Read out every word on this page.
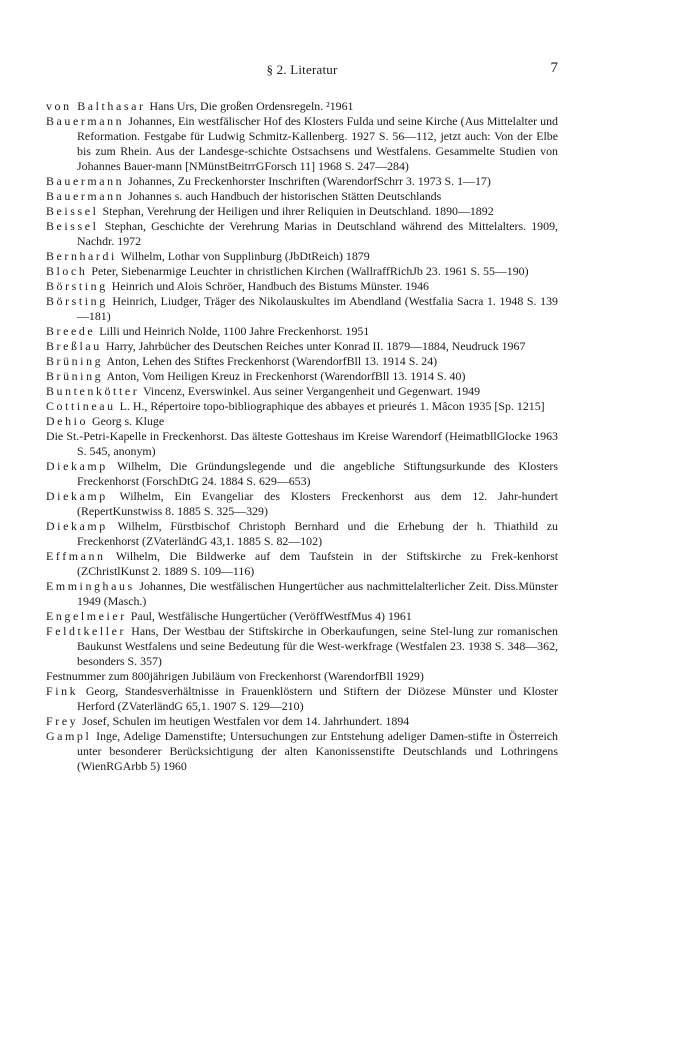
§ 2. Literatur	7

von Balthasar Hans Urs, Die großen Ordensregeln. ²1961

Bauermann Johannes, Ein westfälischer Hof des Klosters Fulda und seine Kirche (Aus Mittelalter und Reformation. Festgabe für Ludwig Schmitz-Kallenberg. 1927 S. 56—112, jetzt auch: Von der Elbe bis zum Rhein. Aus der Landesge-schichte Ostsachsens und Westfalens. Gesammelte Studien von Johannes Bauer-mann [NMünstBeitrrGForsch 11] 1968 S. 247—284)

Bauermann Johannes, Zu Freckenhorster Inschriften (WarendorfSchrr 3. 1973 S. 1—17)

Bauermann Johannes s. auch Handbuch der historischen Stätten Deutschlands

Beissel Stephan, Verehrung der Heiligen und ihrer Reliquien in Deutschland. 1890—1892

Beissel Stephan, Geschichte der Verehrung Marias in Deutschland während des Mittelalters. 1909, Nachdr. 1972

Bernhardi Wilhelm, Lothar von Supplinburg (JbDtReich) 1879

Bloch Peter, Siebenarmige Leuchter in christlichen Kirchen (WallraffRichJb 23. 1961 S. 55—190)

Börsting Heinrich und Alois Schröer, Handbuch des Bistums Münster. 1946

Börsting Heinrich, Liudger, Träger des Nikolauskultes im Abendland (Westfalia Sacra 1. 1948 S. 139—181)

Breede Lilli und Heinrich Nolde, 1100 Jahre Freckenhorst. 1951

Breßlau Harry, Jahrbücher des Deutschen Reiches unter Konrad II. 1879—1884, Neudruck 1967

Brüning Anton, Lehen des Stiftes Freckenhorst (WarendorfBll 13. 1914 S. 24)

Brüning Anton, Vom Heiligen Kreuz in Freckenhorst (WarendorfBll 13. 1914 S. 40)

Buntenkötter Vincenz, Everswinkel. Aus seiner Vergangenheit und Gegenwart. 1949

Cottineau L. H., Répertoire topo-bibliographique des abbayes et prieurés 1. Mâcon 1935 [Sp. 1215]

Dehio Georg s. Kluge

Die St.-Petri-Kapelle in Freckenhorst. Das älteste Gotteshaus im Kreise Warendorf (HeimatbllGlocke 1963 S. 545, anonym)

Diekamp Wilhelm, Die Gründungslegende und die angebliche Stiftungsurkunde des Klosters Freckenhorst (ForschDtG 24. 1884 S. 629—653)

Diekamp Wilhelm, Ein Evangeliar des Klosters Freckenhorst aus dem 12. Jahr-hundert (RepertKunstwiss 8. 1885 S. 325—329)

Diekamp Wilhelm, Fürstbischof Christoph Bernhard und die Erhebung der h. Thiathild zu Freckenhorst (ZVaterländG 43,1. 1885 S. 82—102)

Effmann Wilhelm, Die Bildwerke auf dem Taufstein in der Stiftskirche zu Frek-kenhorst (ZChristlKunst 2. 1889 S. 109—116)

Emminghaus Johannes, Die westfälischen Hungertücher aus nachmittelalterlicher Zeit. Diss.Münster 1949 (Masch.)

Engelmeier Paul, Westfälische Hungertücher (VeröffWestfMus 4) 1961

Feldtkeller Hans, Der Westbau der Stiftskirche in Oberkaufungen, seine Stel-lung zur romanischen Baukunst Westfalens und seine Bedeutung für die West-werkfrage (Westfalen 23. 1938 S. 348—362, besonders S. 357)

Festnummer zum 800jährigen Jubiläum von Freckenhorst (WarendorfBll 1929)

Fink Georg, Standesverhältnisse in Frauenklöstern und Stiftern der Diözese Münster und Kloster Herford (ZVaterländG 65,1. 1907 S. 129—210)

Frey Josef, Schulen im heutigen Westfalen vor dem 14. Jahrhundert. 1894

Gampl Inge, Adelige Damenstifte; Untersuchungen zur Entstehung adeliger Damen-stifte in Österreich unter besonderer Berücksichtigung der alten Kanonissenstifte Deutschlands und Lothringens (WienRGArbb 5) 1960
